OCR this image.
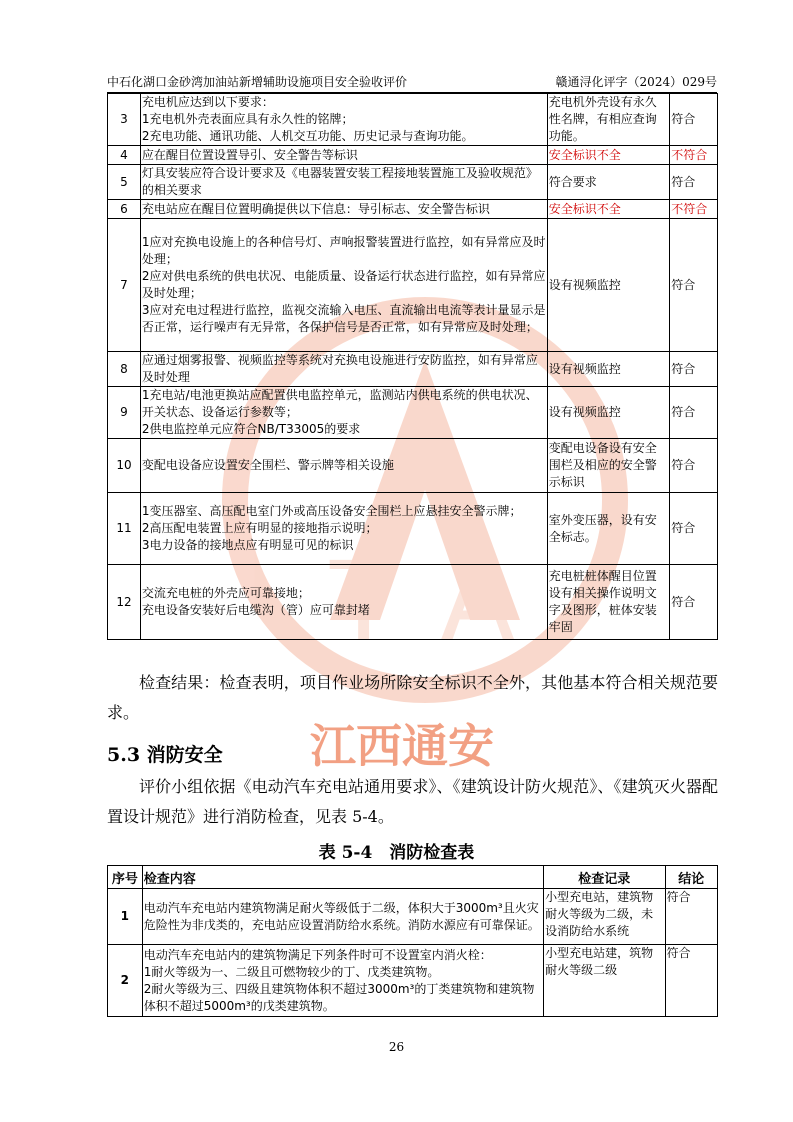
T A
江西通安
中石化湖口金砂湾加油站新增辅助设施项目安全验收评价	赣通浔化评字（2024）029号
3	充电机应达到以下要求：
1充电机外壳表面应具有永久性的铭牌；
2充电功能、通讯功能、人机交互功能、历史记录与查询功能。	充电机外壳设有永久性名牌，有相应查询功能。	符合
4	应在醒目位置设置导引、安全警告等标识	安全标识不全	不符合
5	灯具安装应符合设计要求及《电器装置安装工程接地装置施工及验收规范》的相关要求	符合要求	符合
6	充电站应在醒目位置明确提供以下信息：导引标志、安全警告标识	安全标识不全	不符合
7	1应对充换电设施上的各种信号灯、声响报警装置进行监控，如有异常应及时处理；
2应对供电系统的供电状况、电能质量、设备运行状态进行监控，如有异常应及时处理；
3应对充电过程进行监控，监视交流输入电压、直流输出电流等表计量显示是否正常，运行噪声有无异常，各保护信号是否正常，如有异常应及时处理；	设有视频监控	符合
8	应通过烟雾报警、视频监控等系统对充换电设施进行安防监控，如有异常应及时处理	设有视频监控	符合
9	1充电站/电池更换站应配置供电监控单元，监测站内供电系统的供电状况、开关状态、设备运行参数等；
2供电监控单元应符合NB/T33005的要求	设有视频监控	符合
10	变配电设备应设置安全围栏、警示牌等相关设施	变配电设备设有安全围栏及相应的安全警示标识	符合
11	1变压器室、高压配电室门外或高压设备安全围栏上应悬挂安全警示牌；
2高压配电装置上应有明显的接地指示说明；
3电力设备的接地点应有明显可见的标识	室外变压器，设有安全标志。	符合
12	交流充电桩的外壳应可靠接地；
充电设备安装好后电缆沟（管）应可靠封堵	充电桩桩体醒目位置设有相关操作说明文字及图形，桩体安装牢固	符合
检查结果：检查表明，项目作业场所除安全标识不全外，其他基本符合相关规范要求。
5.3 消防安全
评价小组依据《电动汽车充电站通用要求》、《建筑设计防火规范》、《建筑灭火器配置设计规范》进行消防检查，见表 5-4。
表 5-4　消防检查表
序号	检查内容	检查记录	结论
1	电动汽车充电站内建筑物满足耐火等级低于二级，体积大于3000m³且火灾危险性为非戊类的，充电站应设置消防给水系统。消防水源应有可靠保证。	小型充电站，建筑物耐火等级为二级，未设消防给水系统	符合
2	电动汽车充电站内的建筑物满足下列条件时可不设置室内消火栓：
1耐火等级为一、二级且可燃物较少的丁、戊类建筑物。
2耐火等级为三、四级且建筑物体积不超过3000m³的丁类建筑物和建筑物体积不超过5000m³的戊类建筑物。	小型充电站建，筑物耐火等级二级	符合
26
